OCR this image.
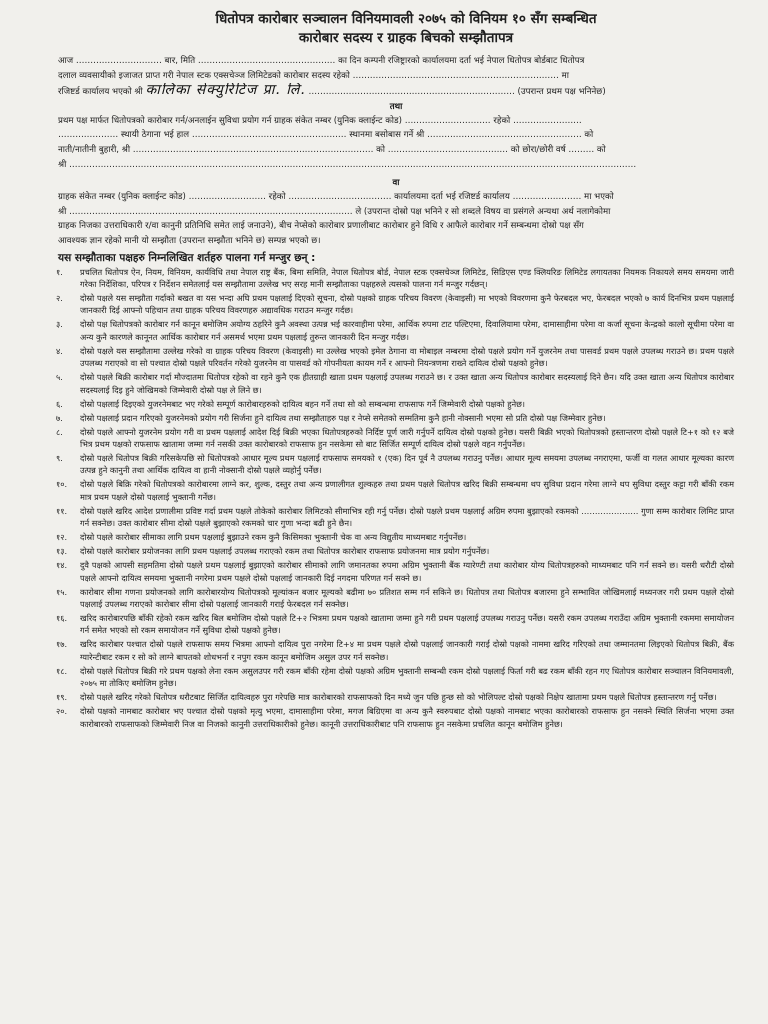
धितोपत्र कारोबार सञ्चालन विनियमावली २०७५ को विनियम १० सँग सम्बन्धित
कारोबार सदस्य र ग्राहक बिचको सम्झौतापत्र
आज ………………………… बार, मिति ………………………………………… का दिन कम्पनी रजिष्ट्रारको कार्यालयमा दर्ता भई नेपाल धितोपत्र बोर्डबाट धितोपत्र
दलाल व्यवसायीको इजाजत प्राप्त गरी नेपाल स्टक एक्सचेञ्ज लिमिटेडको कारोबार सदस्य रहेको ……………………………………………………………… मा
रजिष्टर्ड कार्यालय भएको श्री कालिका सेक्युरिटिज प्रा. लि. ……………………………………………………………… (उपरान्त प्रथम पक्ष भनिनेछ)
तथा
प्रथम पक्ष मार्फत धितोपत्रको कारोबार गर्न/अनलाईन सुविधा प्रयोग गर्न ग्राहक संकेत नम्बर (युनिक क्लाईन्ट कोड) ………………………… रहेको ……………………
………………… स्थायी ठेगाना भई हाल ……………………………………………… स्थानमा बसोबास गर्ने श्री ……………………………………………… को
नाती/नातीनी बुहारी, श्री ………………………………………………………………………… को …………………………………… को छोरा/छोरी वर्ष ……… को
श्री ………………………………………………………………………………………………………………………………………………………………………………
वा
ग्राहक संकेत नम्बर (युनिक क्लाईन्ट कोड) ……………………… रहेको ……………………………… कार्यालयमा दर्ता भई रजिष्टर्ड कार्यालय …………………… मा भएको
श्री ……………………………………………………………………………………… ले (उपरान्त दोस्रो पक्ष भनिने र सो शब्दले विषय वा प्रसंगले अन्यथा अर्थ नलागेकोमा
ग्राहक निजका उत्तराधिकारी र/वा कानुनी प्रतिनिधि समेत लाई जनाउने), बीच नेप्सेको कारोबार प्रणालीबाट कारोबार हुने विधि र आफैले कारोबार गर्ने सम्बन्धमा दोस्रो पक्ष सँग
आवश्यक ज्ञान रहेको मानी यो सम्झौता (उपरान्त सम्झौता भनिने छ) सम्पन्न भएको छ।
यस सम्झौताका पक्षहरु निम्नलिखित शर्तहरु पालना गर्न मन्जुर छन् :
१.	प्रचलित धितोपत्र ऐन, नियम, विनियम, कार्यविधि तथा नेपाल राष्ट्र बैंक, बिमा समिति, नेपाल धितोपत्र बोर्ड, नेपाल स्टक एक्सचेञ्ज लिमिटेड, सिडिएस एण्ड क्लियरिङ लिमिटेड लगायतका नियमक निकायले समय समयमा जारी गरेका निर्देशिका, परिपत्र र निर्देशन समेतलाई यस सम्झौतामा उल्लेख भए सरह मानी सम्झौताका पक्षहरुले त्यसको पालना गर्न मन्जुर गर्दछन्।
२.	दोस्रो पक्षले यस सम्झौता गर्दाको बखत वा यस भन्दा अघि प्रथम पक्षलाई दिएको सूचना, दोस्रो पक्षको ग्राहक परिचय विवरण (केवाइसी) मा भएको विवरणमा कुनै फेरबदल भए, फेरबदल भएको ७ कार्य दिनभित्र प्रथम पक्षलाई जानकारी दिई आफ्नो पहिचान तथा ग्राहक परिचय विवरणहरु अद्यावधिक गराउन मन्जुर गर्दछ।
३.	दोस्रो पक्ष धितोपत्रको कारोबार गर्न कानून बमोजिम अयोग्य ठहरिने कुनै अवस्था उत्पन्न भई कारवाहीमा परेमा, आर्थिक रुपमा टाट पल्टिएमा, दिवालियामा परेमा, दामासाहीमा परेमा वा कर्जा सूचना केन्द्रको कालो सूचीमा परेमा वा अन्य कुनै कारणले कानूनत आर्थिक कारोबार गर्न असमर्थ भएमा प्रथम पक्षलाई तुरुन्त जानकारी दिन मन्जुर गर्दछ।
४.	दोस्रो पक्षले यस सम्झौतामा उल्लेख गरेको वा ग्राहक परिचय विवरण (केवाइसी) मा उल्लेख भएको इमेल ठेगाना वा मोबाइल नम्बरमा दोस्रो पक्षले प्रयोग गर्ने युजरनेम तथा पासवर्ड प्रथम पक्षले उपलब्ध गराउने छ। प्रथम पक्षले उपलब्ध गराएको वा सो पश्चात दोस्रो पक्षले परिवर्तन गरेको युजरनेम वा पासवर्ड को गोपनीयता कायम गर्ने र आफ्नो नियन्त्रणमा राख्ने दायित्व दोस्रो पक्षको हुनेछ।
५.	दोस्रो पक्षले बिक्री कारोबार गर्दा मौज्दातमा धितोपत्र रहेको वा रहने कुनै एक हीतग्राही खाता प्रथम पक्षलाई उपलब्ध गराउने छ। र उक्त खाता अन्य धितोपत्र कारोबार सदस्यलाई दिने छैन। यदि उक्त खाता अन्य धितोपत्र कारोबार सदस्यलाई दिइ हुने जोखिमको जिम्मेवारी दोस्रो पक्ष ले लिने छ।
६.	दोस्रो पक्षलाई दिइएको युजरनेमबाट भए गरेको सम्पूर्ण कारोबारहरुको दायित्व बहन गर्ने तथा सो को सम्बन्धमा राफसाफ गर्ने जिम्मेवारी दोस्रो पक्षको हुनेछ।
७.	दोस्रो पक्षलाई प्रदान गरिएको युजरनेमको प्रयोग गरी सिर्जना हुने दायित्व तथा सम्झौताहरु पक्ष र नेप्से समेतको सम्मतिमा कुनै हानी नोक्सानी भएमा सो प्रति दोस्रो पक्ष जिम्मेवार हुनेछ।
८.	दोस्रो पक्षले आफ्नो युजरनेम प्रयोग गरी वा प्रथम पक्षलाई आदेश दिई बिक्री भएका धितोपत्रहरुको निर्दिष्ट पूर्ण जारी गर्नुपर्ने दायित्व दोस्रो पक्षको हुनेछ। यसरी बिक्री भएको धितोपत्रको हस्तान्तरण दोस्रो पक्षले टि+१ को १२ बजे भित्र प्रथम पक्षको राफसाफ खातामा जम्मा गर्न नसकी उक्त कारोबारको राफसाफ हुन नसकेमा सो बाट सिर्जित सम्पूर्ण दायित्व दोस्रो पक्षले वहन गर्नुपर्नेछ।
९.	दोस्रो पक्षले धितोपत्र बिक्री गरिसकेपछि सो धितोपत्रको आधार मूल्य प्रथम पक्षलाई राफसाफ समयको १ (एक) दिन पूर्व नै उपलब्ध गराउनु पर्नेछ। आधार मूल्य समयमा उपलब्ध नगराएमा, फर्जी वा गलत आधार मूल्यका कारण उत्पन्न हुने कानुनी तथा आर्थिक दायित्व वा हानी नोक्सानी दोस्रो पक्षले व्यहोर्नु पर्नेछ।
१०.	दोस्रो पक्षले बिक्रि गरेको धितोपत्रको कारोबारमा लाग्ने कर, शुल्क, दस्तुर तथा अन्य प्रणालीगत शुल्कहरु तथा प्रथम पक्षले धितोपत्र खरिद बिक्री सम्बन्धमा थप सुविधा प्रदान गरेमा लाग्ने थप सुविधा दस्तुर कट्टा गरी बाँकी रकम मात्र प्रथम पक्षले दोस्रो पक्षलाई भुक्तानी गर्नेछ।
११.	दोस्रो पक्षले खरिद आदेश प्रणालीमा प्रविष्ट गर्दा प्रथम पक्षले तोकेको कारोबार लिमिटको सीमाभित्र रही गर्नु पर्नेछ। दोस्रो पक्षले प्रथम पक्षलाई अग्रिम रुपमा बुझाएको रकमको ………………… गुणा सम्म कारोबार लिमिट प्राप्त गर्न सक्नेछ। उक्त कारोबार सीमा दोस्रो पक्षले बुझाएको रकमको चार गुणा भन्दा बढी हुने छैन।
१२.	दोस्रो पक्षले कारोबार सीमाका लागि प्रथम पक्षलाई बुझाउने रकम कुनै किसिमका भुक्तानी चेक वा अन्य विद्युतीय माध्यमबाट गर्नुपर्नेछ।
१३.	दोस्रो पक्षले कारोबार प्रयोजनका लागि प्रथम पक्षलाई उपलब्ध गराएको रकम तथा धितोपत्र कारोबार राफसाफ प्रयोजनमा मात्र प्रयोग गर्नुपर्नेछ।
१४.	दुवै पक्षको आपसी सहमतिमा दोस्रो पक्षले प्रथम पक्षलाई बुझाएको कारोबार सीमाको लागि जमानतका रुपमा अग्रिम भुक्तानी बैंक ग्यारेण्टी तथा कारोबार योग्य धितोपत्रहरुको माध्यमबाट पनि गर्न सक्ने छ। यसरी धरौटी दोस्रो पक्षले आफ्नो दायित्व समयमा भुक्तानी नगरेमा प्रथम पक्षले दोस्रो पक्षलाई जानकारी दिई नगदमा परिणत गर्न सक्ने छ।
१५.	कारोबार सीमा गणना प्रयोजनको लागि कारोबारयोग्य धितोपत्रको मूल्यांकन बजार मूल्यको बढीमा ७० प्रतिशत सम्म गर्न सकिने छ। धितोपत्र तथा धितोपत्र बजारमा हुने सम्भावित जोखिमलाई मध्यनजर गरी प्रथम पक्षले दोस्रो पक्षलाई उपलब्ध गराएको कारोबार सीमा दोस्रो पक्षलाई जानकारी गराई फेरबदल गर्न सक्नेछ।
१६.	खरिद कारोबारपछि बाँकी रहेको रकम खरिद बिल बमोजिम दोस्रो पक्षले टि+२ भित्रमा प्रथम पक्षको खातामा जम्मा हुने गरी प्रथम पक्षलाई उपलब्ध गराउनु पर्नेछ। यसरी रकम उपलब्ध गराउँदा अग्रिम भुक्तानी रकममा समायोजन गर्न समेत भएको सो रकम समायोजन गर्ने सुविधा दोस्रो पक्षको हुनेछ।
१७.	खरिद कारोबार पश्चात दोस्रो पक्षले राफसाफ समय भित्रमा आफ्नो दायित्व पुरा नगरेमा टि+४ मा प्रथम पक्षले दोस्रो पक्षलाई जानकारी गराई दोस्रो पक्षको नाममा खरिद गरिएको तथा जम्मानतमा लिइएको धितोपत्र बिक्री, बैंक ग्यारेन्टीबाट रकम र सो को लाग्ने बापतको शोधभर्ना र नपुग रकम कानून बमोजिम असुल उपर गर्न सक्नेछ।
१८.	दोस्रो पक्षले धितोपत्र बिक्री गरे प्रथम पक्षको लेना रकम असुलउपर गरी रकम बाँकी रहेमा दोस्रो पक्षको अग्रिम भुक्तानी सम्बन्धी रकम दोस्रो पक्षलाई फिर्ता गरी बढ रकम बाँकी रहन गए धितोपत्र कारोबार सञ्चालन विनियमावली, २०७५ मा तोकिए बमोजिम हुनेछ।
१९.	दोस्रो पक्षले खरिद गरेको धितोपत्र धरौटबाट सिर्जित दायित्वहरु पुरा गरेपछि मात्र कारोबारको राफसाफको दिन मध्ये जुन पछि हुन्छ सो को भोलिपल्ट दोस्रो पक्षको निक्षेप खातामा प्रथम पक्षले धितोपत्र हस्तान्तरण गर्नु पर्नेछ।
२०.	दोस्रो पक्षको नामबाट कारोबार भए पश्चात दोस्रो पक्षको मृत्यु भएमा, दामासाहीमा परेमा, मगज बिग्रिएमा वा अन्य कुनै स्वरुपबाट दोस्रो पक्षको नामबाट भएका कारोबारको राफसाफ हुन नसक्ने स्थिति सिर्जना भएमा उक्त कारोबारको राफसाफको जिम्मेवारी निज वा निजको कानुनी उत्तराधिकारीको हुनेछ। कानूनी उत्तराधिकारीबाट पनि राफसाफ हुन नसकेमा प्रचलित कानून बमोजिम हुनेछ।
